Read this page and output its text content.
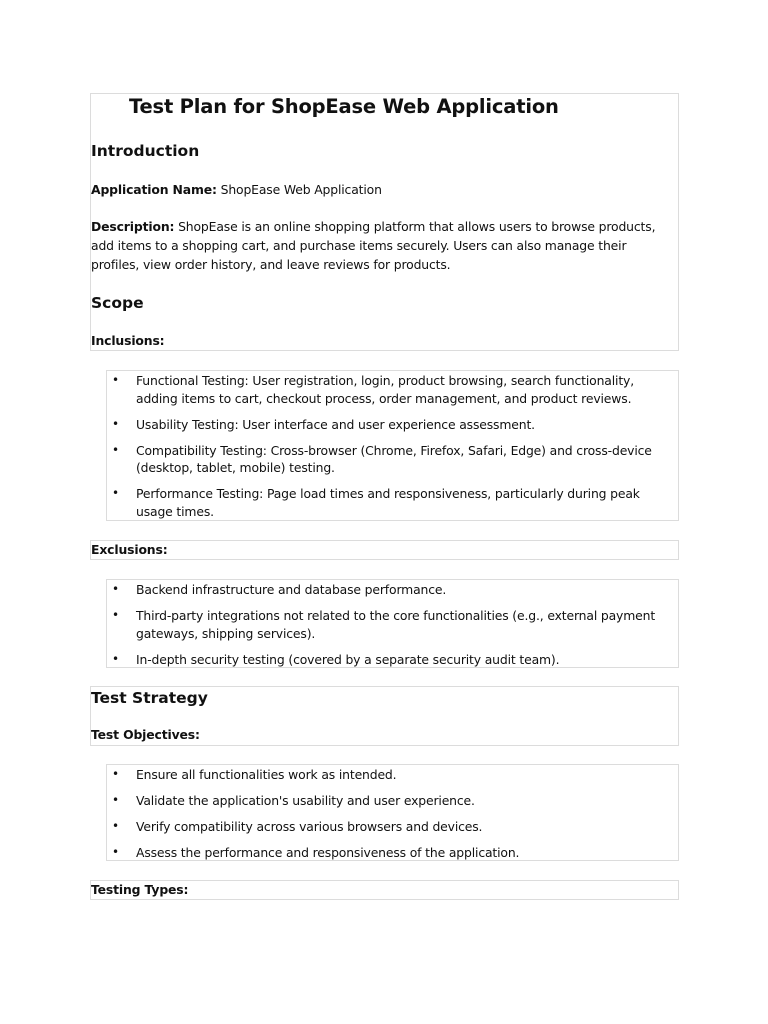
Test Plan for ShopEase Web Application
Introduction
Application Name: ShopEase Web Application
Description: ShopEase is an online shopping platform that allows users to browse products, add items to a shopping cart, and purchase items securely. Users can also manage their profiles, view order history, and leave reviews for products.
Scope
Inclusions:
• Functional Testing: User registration, login, product browsing, search functionality, adding items to cart, checkout process, order management, and product reviews.
• Usability Testing: User interface and user experience assessment.
• Compatibility Testing: Cross-browser (Chrome, Firefox, Safari, Edge) and cross-device (desktop, tablet, mobile) testing.
• Performance Testing: Page load times and responsiveness, particularly during peak usage times.
Exclusions:
• Backend infrastructure and database performance.
• Third-party integrations not related to the core functionalities (e.g., external payment gateways, shipping services).
• In-depth security testing (covered by a separate security audit team).
Test Strategy
Test Objectives:
• Ensure all functionalities work as intended.
• Validate the application's usability and user experience.
• Verify compatibility across various browsers and devices.
• Assess the performance and responsiveness of the application.
Testing Types:
